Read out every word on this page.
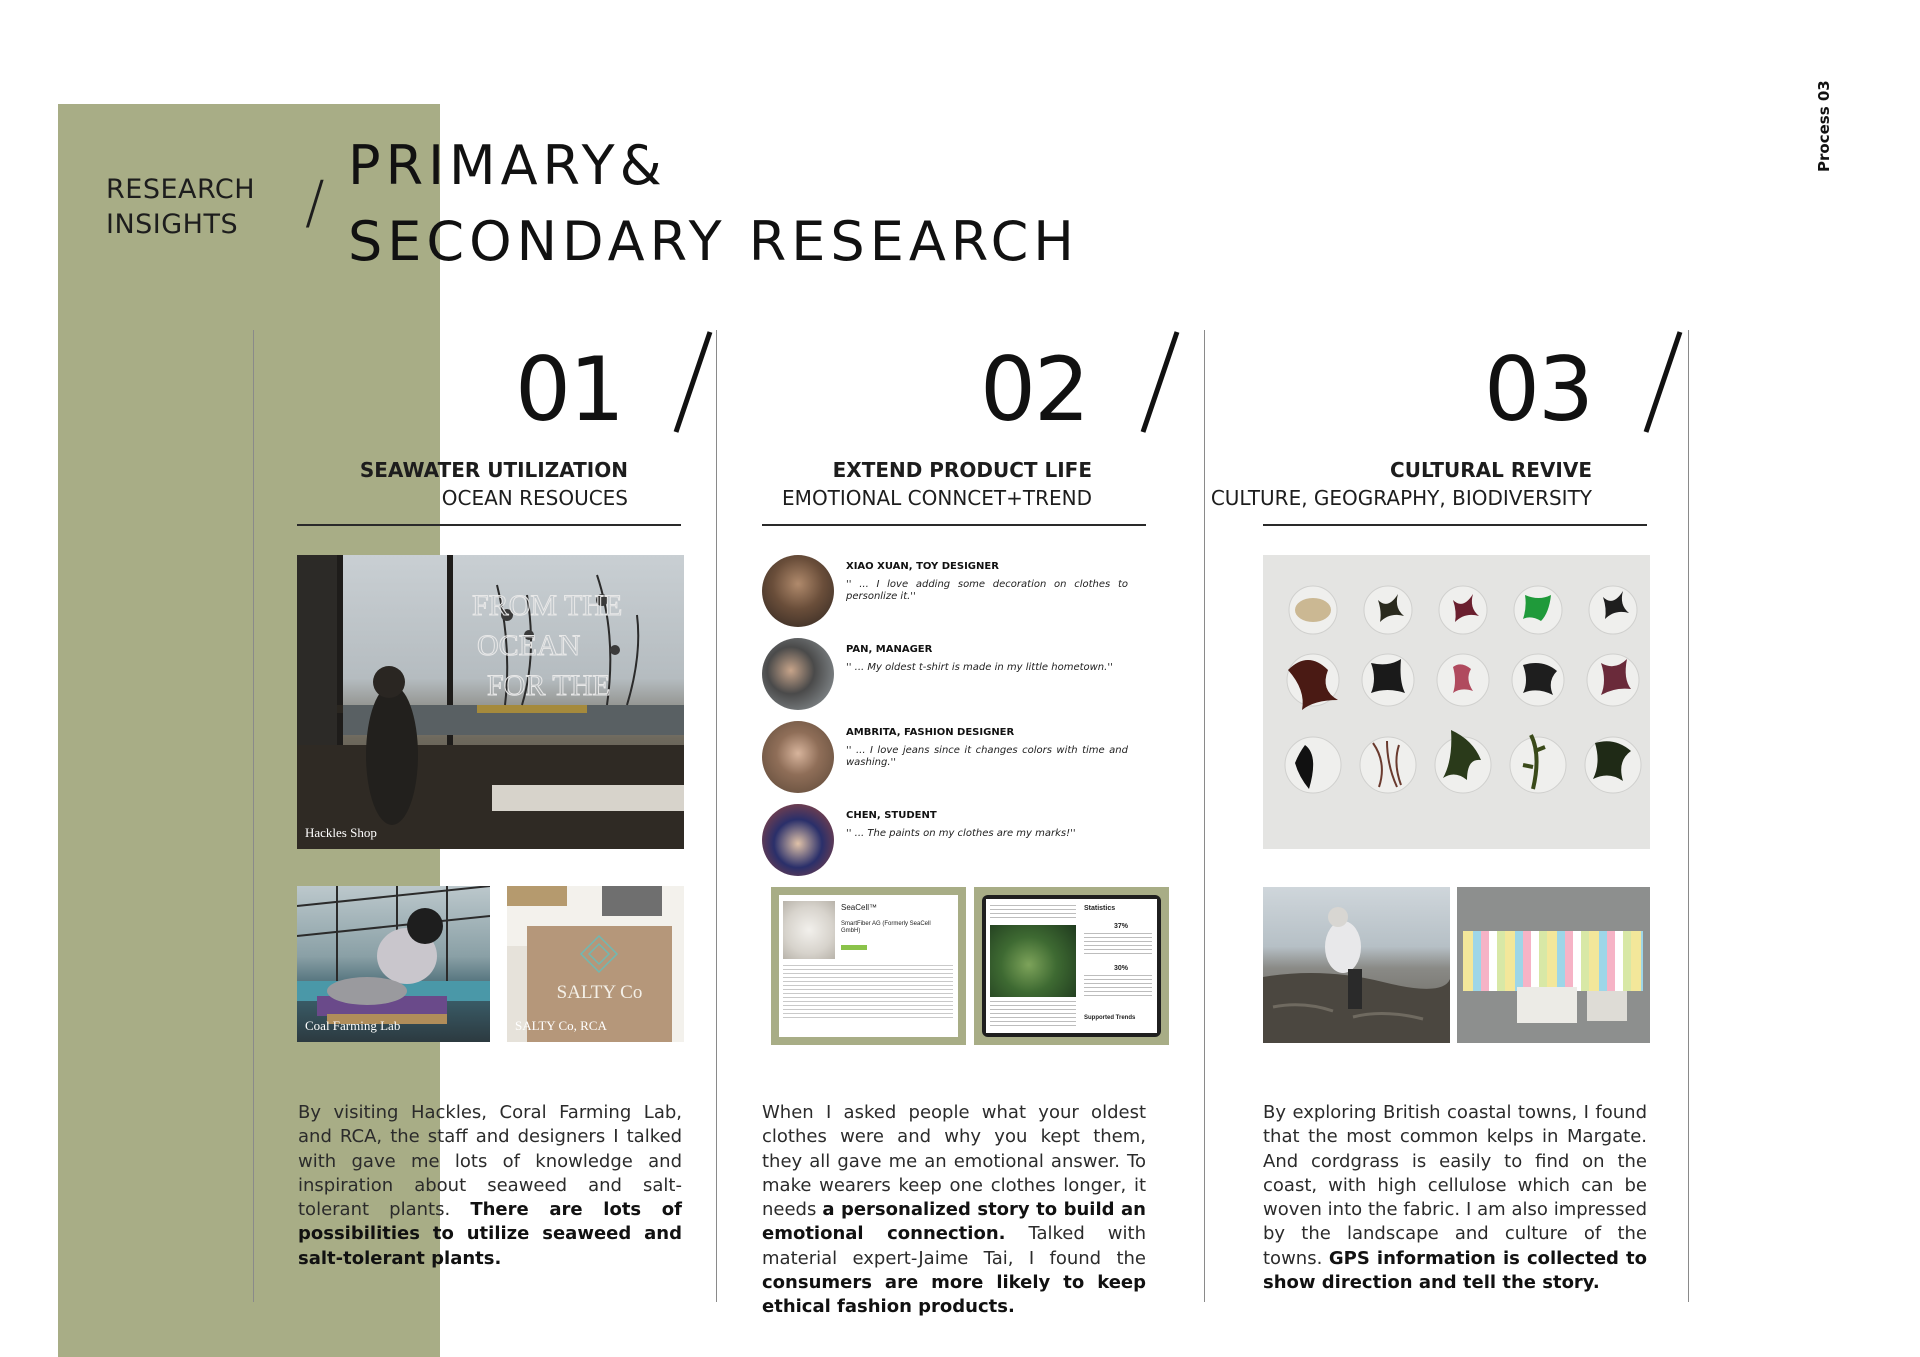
RESEARCH
INSIGHTS /
PRIMARY&
SECONDARY RESEARCH
Process 03
01
SEAWATER UTILIZATION
OCEAN RESOUCES
FROM THE
OCEAN
FOR THE
Hackles Shop
Coal Farming Lab
SALTY Co
SALTY Co, RCA
By visiting Hackles, Coral Farming Lab, and RCA, the staff and designers I talked with gave me lots of knowledge and inspiration about seaweed and salt-tolerant plants. There are lots of possibilities to utilize seaweed and salt-tolerant plants.
02
EXTEND PRODUCT LIFE
EMOTIONAL CONNCET+TREND
XIAO XUAN, TOY DESIGNER
'' ... I love adding some decoration on clothes to personlize it.''
PAN, MANAGER
'' ... My oldest t-shirt is made in my little hometown.''
AMBRITA, FASHION DESIGNER
'' ... I love jeans since it changes colors with time and washing.''
CHEN, STUDENT
'' ... The paints on my clothes are my marks!''
SeaCell™
SmartFiber AG (Formerly SeaCell GmbH)
Statistics
37%
30%
Supported Trends
When I asked people what your oldest clothes were and why you kept them, they all gave me an emotional answer. To make wearers keep one clothes longer, it needs a personalized story to build an emotional connection. Talked with material expert-Jaime Tai, I found the consumers are more likely to keep ethical fashion products.
03
CULTURAL REVIVE
CULTURE, GEOGRAPHY, BIODIVERSITY
By exploring British coastal towns, I found that the most common kelps in Margate. And cordgrass is easily to find on the coast, with high cellulose which can be woven into the fabric. I am also impressed by the landscape and culture of the towns. GPS information is collected to show direction and tell the story.
